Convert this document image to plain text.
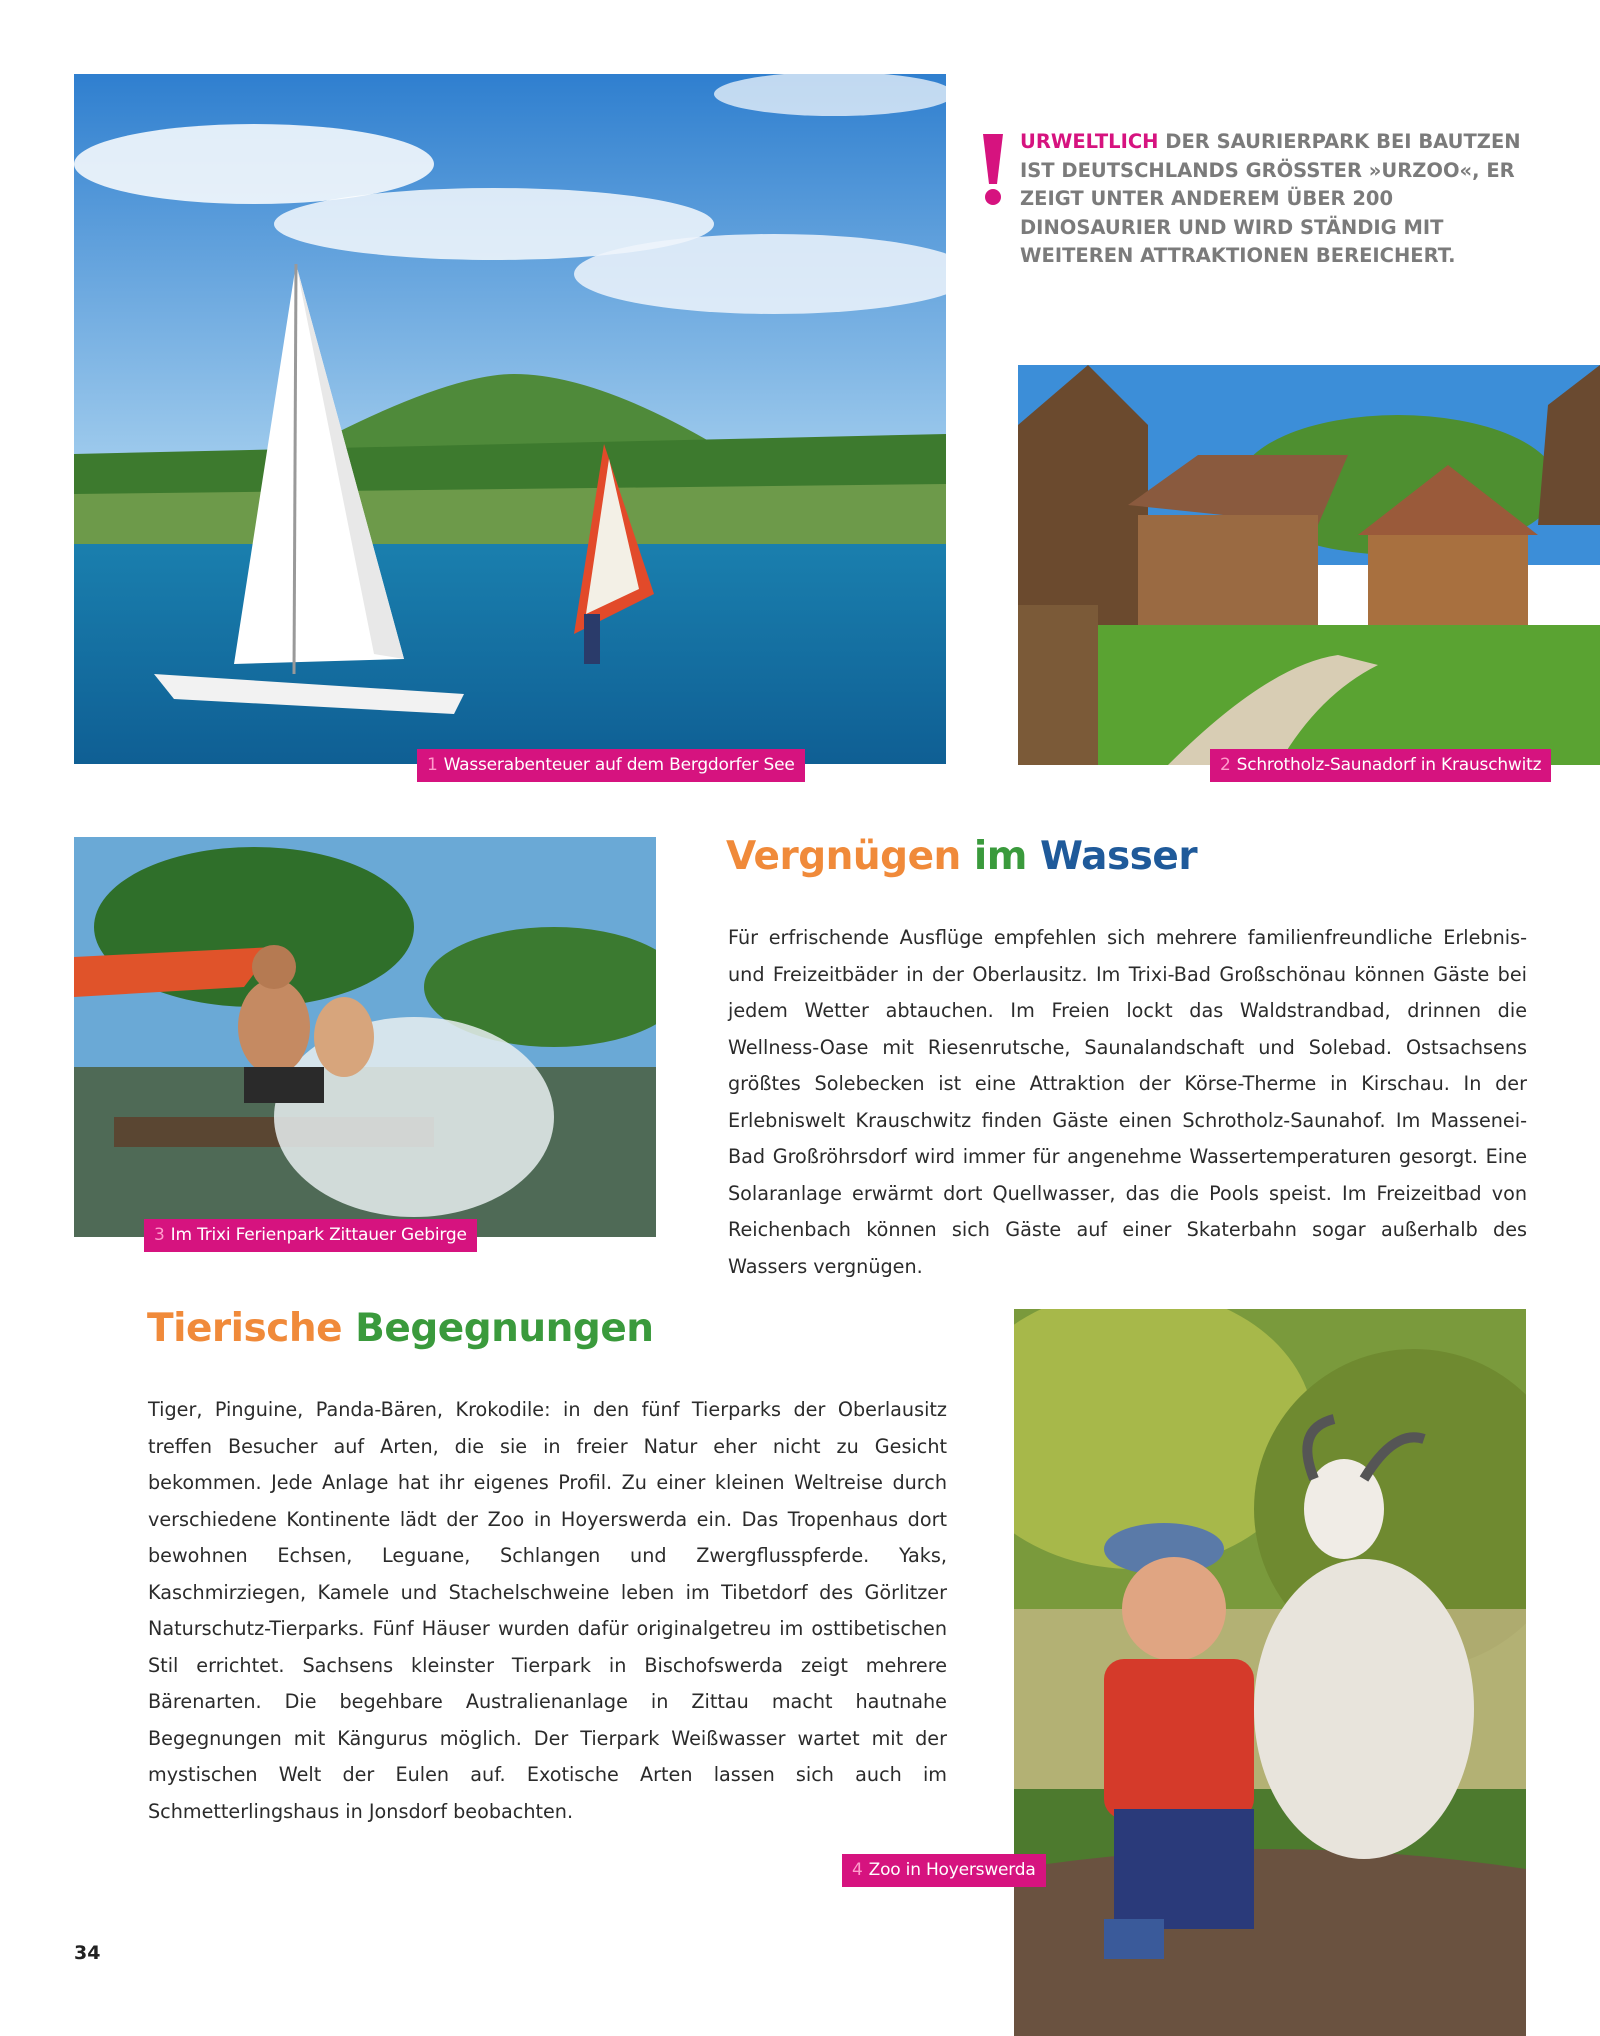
1 Wasserabenteuer auf dem Bergdorfer See

URWELTLICH DER SAURIERPARK BEI BAUTZEN IST DEUTSCHLANDS GRÖSSTER »URZOO«, ER ZEIGT UNTER ANDEREM ÜBER 200 DINOSAURIER UND WIRD STÄNDIG MIT WEITEREN ATTRAKTIONEN BEREICHERT.

2 Schrotholz-Saunadorf in Krauschwitz
3 Im Trixi Ferienpark Zittauer Gebirge
Vergnügen im Wasser

Für erfrischende Ausflüge empfehlen sich mehrere familienfreundliche Erlebnis- und Freizeitbäder in der Oberlausitz. Im Trixi-Bad Großschönau können Gäste bei jedem Wetter abtauchen. Im Freien lockt das Waldstrandbad, drinnen die Wellness-Oase mit Riesenrutsche, Saunalandschaft und Solebad. Ostsachsens größtes Solebecken ist eine Attraktion der Körse-Therme in Kirschau. In der Erlebniswelt Krauschwitz finden Gäste einen Schrotholz-Saunahof. Im Massenei-Bad Großröhrsdorf wird immer für angenehme Wassertemperaturen gesorgt. Eine Solaranlage erwärmt dort Quellwasser, das die Pools speist. Im Freizeitbad von Reichenbach können sich Gäste auf einer Skaterbahn sogar außerhalb des Wassers vergnügen.

Tierische Begegnungen

Tiger, Pinguine, Panda-Bären, Krokodile: in den fünf Tierparks der Oberlausitz treffen Besucher auf Arten, die sie in freier Natur eher nicht zu Gesicht bekommen. Jede Anlage hat ihr eigenes Profil. Zu einer kleinen Weltreise durch verschiedene Kontinente lädt der Zoo in Hoyerswerda ein. Das Tropenhaus dort bewohnen Echsen, Leguane, Schlangen und Zwergflusspferde. Yaks, Kaschmirziegen, Kamele und Stachelschweine leben im Tibetdorf des Görlitzer Naturschutz-Tierparks. Fünf Häuser wurden dafür originalgetreu im osttibetischen Stil errichtet. Sachsens kleinster Tierpark in Bischofswerda zeigt mehrere Bärenarten. Die begehbare Australienanlage in Zittau macht hautnahe Begegnungen mit Kängurus möglich. Der Tierpark Weißwasser wartet mit der mystischen Welt der Eulen auf. Exotische Arten lassen sich auch im Schmetterlingshaus in Jonsdorf beobachten.

4 Zoo in Hoyerswerda
34
